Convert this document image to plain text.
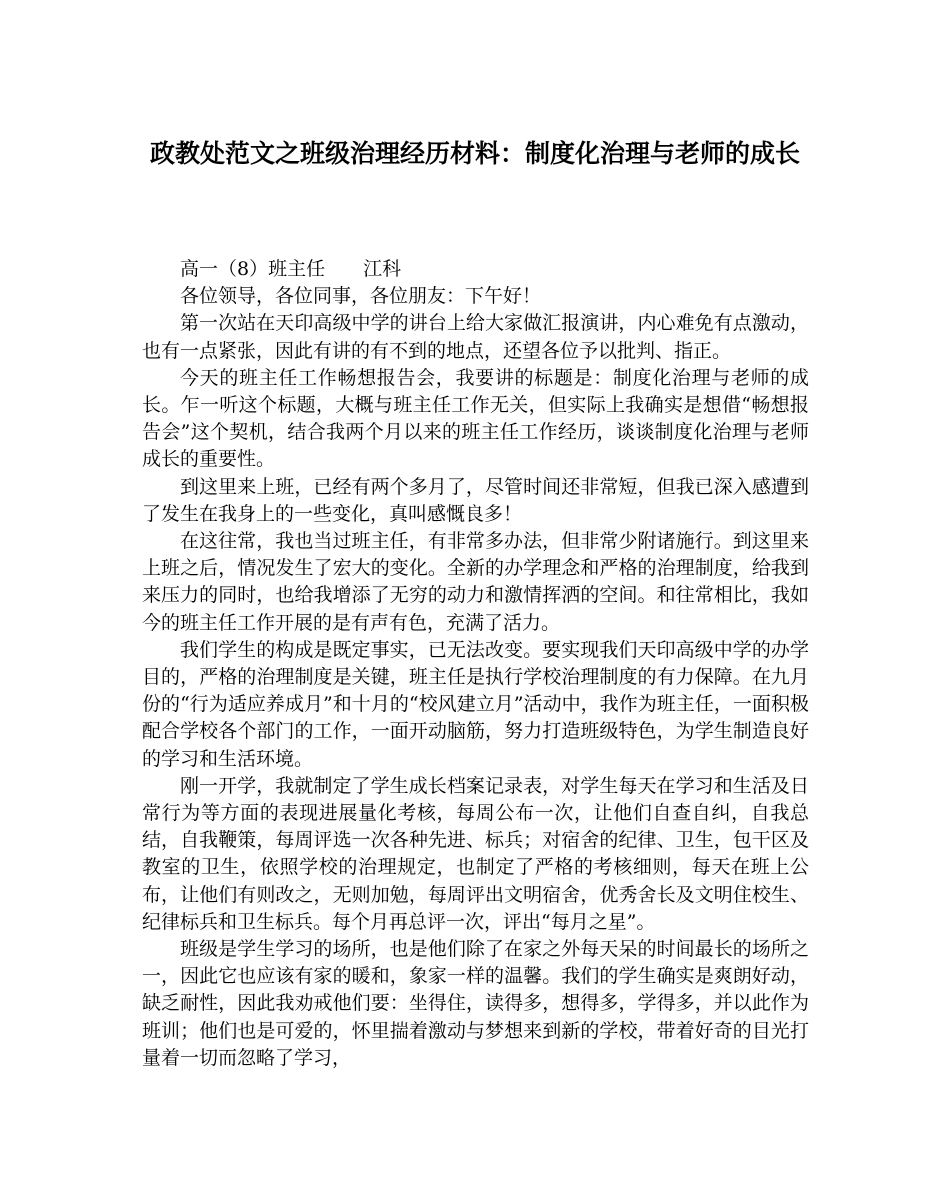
政教处范文之班级治理经历材料：制度化治理与老师的成长
高一（8）班主任 江科

各位领导，各位同事，各位朋友：下午好！

第一次站在天印高级中学的讲台上给大家做汇报演讲，内心难免有点激动，也有一点紧张，因此有讲的有不到的地点，还望各位予以批判、指正。

今天的班主任工作畅想报告会，我要讲的标题是：制度化治理与老师的成长。乍一听这个标题，大概与班主任工作无关，但实际上我确实是想借“畅想报告会”这个契机，结合我两个月以来的班主任工作经历，谈谈制度化治理与老师成长的重要性。

到这里来上班，已经有两个多月了，尽管时间还非常短，但我已深入感遭到了发生在我身上的一些变化，真叫感慨良多！

在这往常，我也当过班主任，有非常多办法，但非常少附诸施行。到这里来上班之后，情况发生了宏大的变化。全新的办学理念和严格的治理制度，给我到来压力的同时，也给我增添了无穷的动力和激情挥洒的空间。和往常相比，我如今的班主任工作开展的是有声有色，充满了活力。

我们学生的构成是既定事实，已无法改变。要实现我们天印高级中学的办学目的，严格的治理制度是关键，班主任是执行学校治理制度的有力保障。在九月份的“行为适应养成月”和十月的“校风建立月”活动中，我作为班主任，一面积极配合学校各个部门的工作，一面开动脑筋，努力打造班级特色，为学生制造良好的学习和生活环境。

刚一开学，我就制定了学生成长档案记录表，对学生每天在学习和生活及日常行为等方面的表现进展量化考核，每周公布一次，让他们自查自纠，自我总结，自我鞭策，每周评选一次各种先进、标兵；对宿舍的纪律、卫生，包干区及教室的卫生，依照学校的治理规定，也制定了严格的考核细则，每天在班上公布，让他们有则改之，无则加勉，每周评出文明宿舍，优秀舍长及文明住校生、纪律标兵和卫生标兵。每个月再总评一次，评出“每月之星”。

班级是学生学习的场所，也是他们除了在家之外每天呆的时间最长的场所之一，因此它也应该有家的暖和，象家一样的温馨。我们的学生确实是爽朗好动，缺乏耐性，因此我劝戒他们要：坐得住，读得多，想得多，学得多，并以此作为班训；他们也是可爱的，怀里揣着激动与梦想来到新的学校，带着好奇的目光打量着一切而忽略了学习，
